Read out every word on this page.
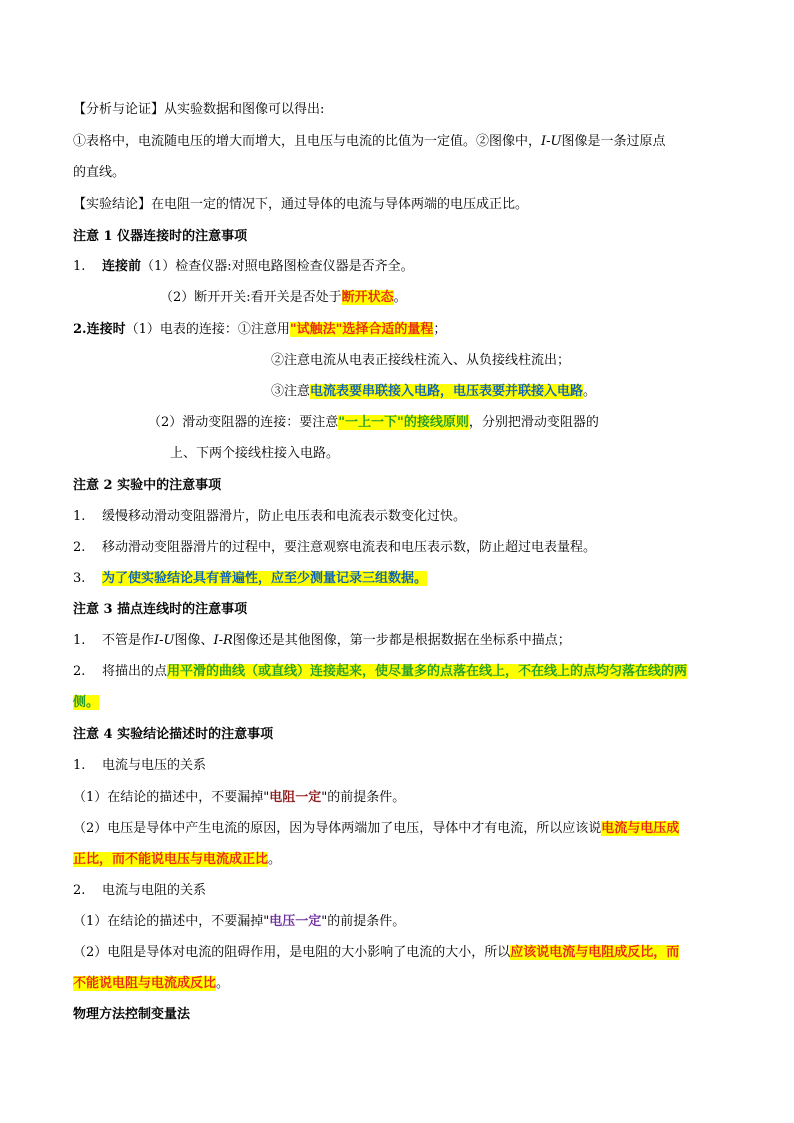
【分析与论证】从实验数据和图像可以得出:
①表格中，电流随电压的增大而增大，且电压与电流的比值为一定值。②图像中，I-U图像是一条过原点
的直线。
【实验结论】在电阻一定的情况下，通过导体的电流与导体两端的电压成正比。
注意 1 仪器连接时的注意事项
1. 连接前（1）检查仪器:对照电路图检查仪器是否齐全。
（2）断开开关:看开关是否处于断开状态。
2.连接时（1）电表的连接：①注意用"试触法"选择合适的量程；
②注意电流从电表正接线柱流入、从负接线柱流出；
③注意电流表要串联接入电路，电压表要并联接入电路。
（2）滑动变阻器的连接：要注意"一上一下"的接线原则，分别把滑动变阻器的
上、下两个接线柱接入电路。
注意 2 实验中的注意事项
1. 缓慢移动滑动变阻器滑片，防止电压表和电流表示数变化过快。
2. 移动滑动变阻器滑片的过程中，要注意观察电流表和电压表示数，防止超过电表量程。
3. 为了使实验结论具有普遍性，应至少测量记录三组数据。
注意 3 描点连线时的注意事项
1. 不管是作I-U图像、I-R图像还是其他图像，第一步都是根据数据在坐标系中描点；
2. 将描出的点用平滑的曲线（或直线）连接起来，使尽量多的点落在线上，不在线上的点均匀落在线的两
侧。
注意 4 实验结论描述时的注意事项
1. 电流与电压的关系
（1）在结论的描述中，不要漏掉"电阻一定"的前提条件。
（2）电压是导体中产生电流的原因，因为导体两端加了电压，导体中才有电流，所以应该说电流与电压成
正比，而不能说电压与电流成正比。
2. 电流与电阻的关系
（1）在结论的描述中，不要漏掉"电压一定"的前提条件。
（2）电阻是导体对电流的阻碍作用，是电阻的大小影响了电流的大小，所以应该说电流与电阻成反比，而
不能说电阻与电流成反比。
物理方法控制变量法
